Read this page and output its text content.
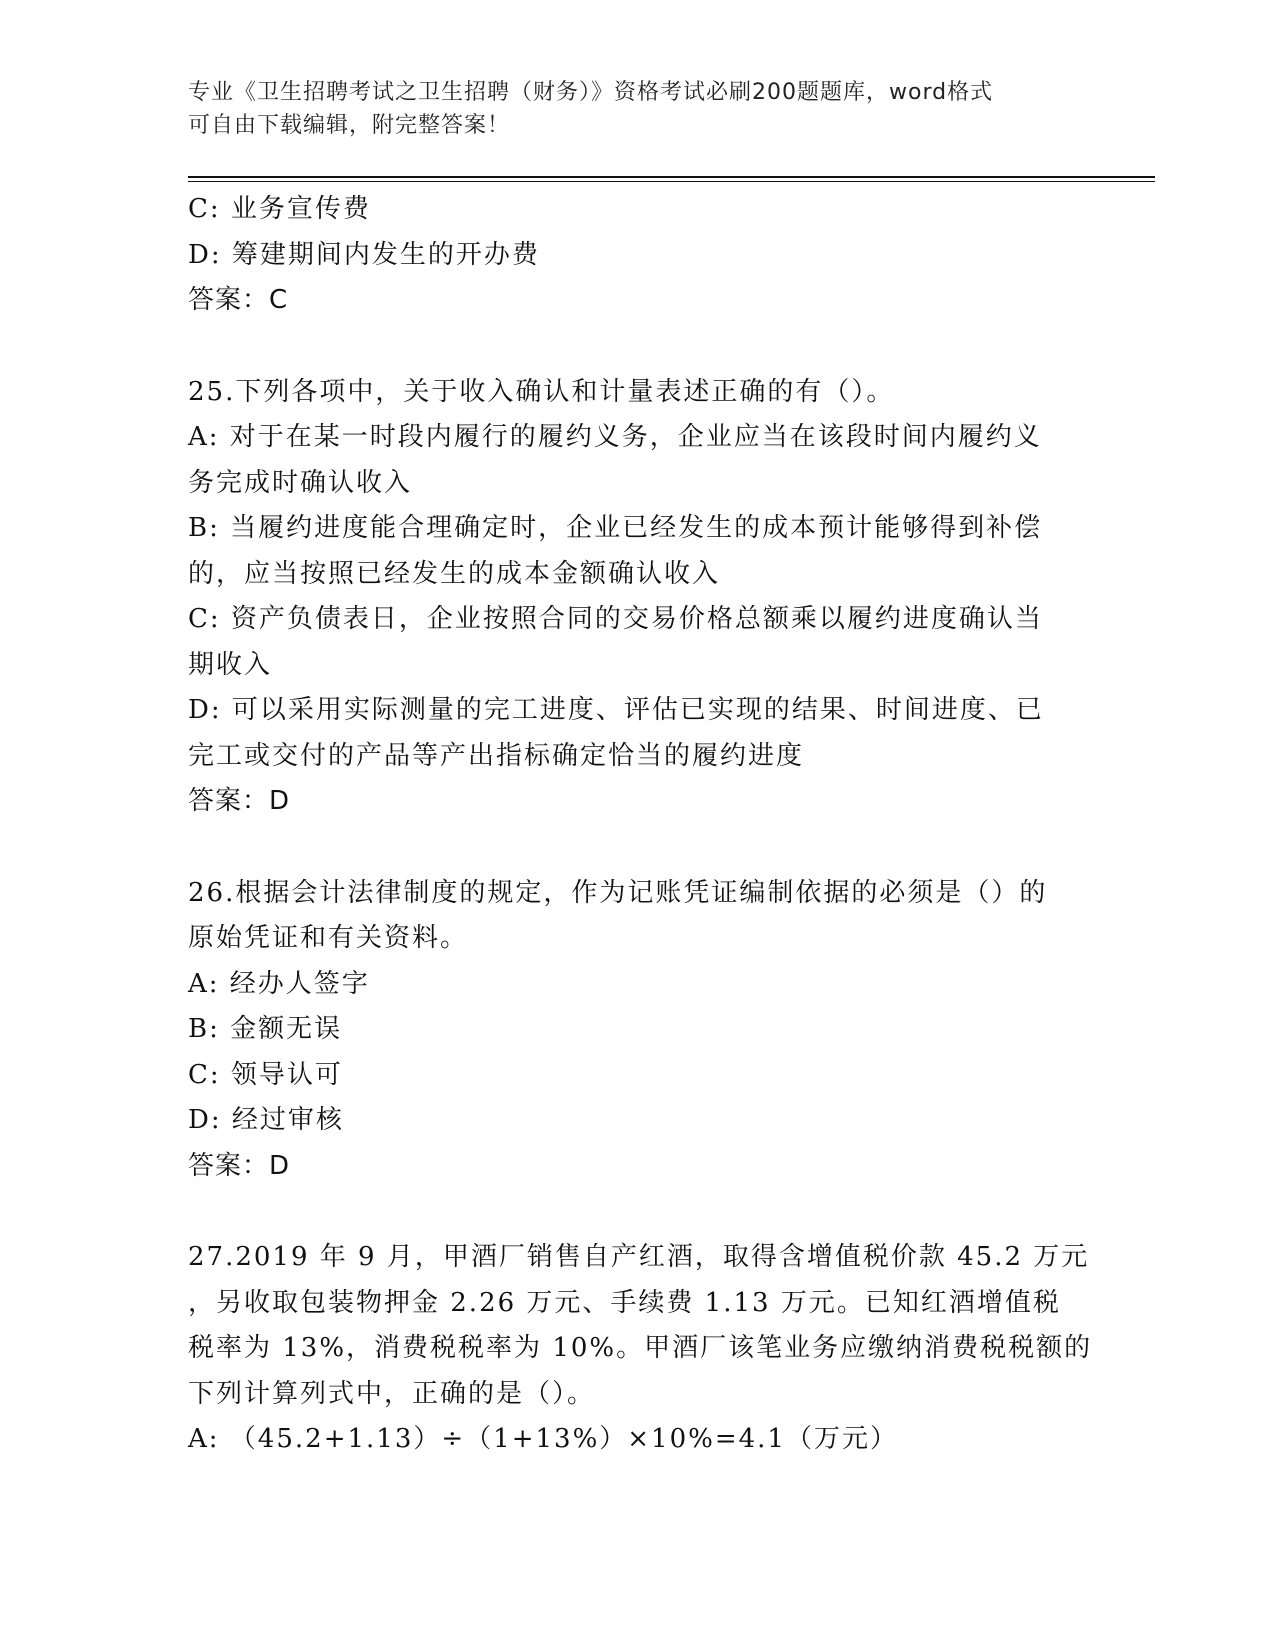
专业《卫生招聘考试之卫生招聘（财务）》资格考试必刷200题题库，word格式
可自由下载编辑，附完整答案！
C: 业务宣传费
D: 筹建期间内发生的开办费
答案：C
25.下列各项中，关于收入确认和计量表述正确的有（）。
A: 对于在某一时段内履行的履约义务，企业应当在该段时间内履约义
务完成时确认收入
B: 当履约进度能合理确定时，企业已经发生的成本预计能够得到补偿
的，应当按照已经发生的成本金额确认收入
C: 资产负债表日，企业按照合同的交易价格总额乘以履约进度确认当
期收入
D: 可以采用实际测量的完工进度、评估已实现的结果、时间进度、已
完工或交付的产品等产出指标确定恰当的履约进度
答案：D
26.根据会计法律制度的规定，作为记账凭证编制依据的必须是（）的
原始凭证和有关资料。
A: 经办人签字
B: 金额无误
C: 领导认可
D: 经过审核
答案：D
27.2019 年 9 月，甲酒厂销售自产红酒，取得含增值税价款 45.2 万元
，另收取包装物押金 2.26 万元、手续费 1.13 万元。已知红酒增值税
税率为 13%，消费税税率为 10%。甲酒厂该笔业务应缴纳消费税税额的
下列计算列式中，正确的是（）。
A: （45.2+1.13）÷（1+13%）×10%=4.1（万元）
